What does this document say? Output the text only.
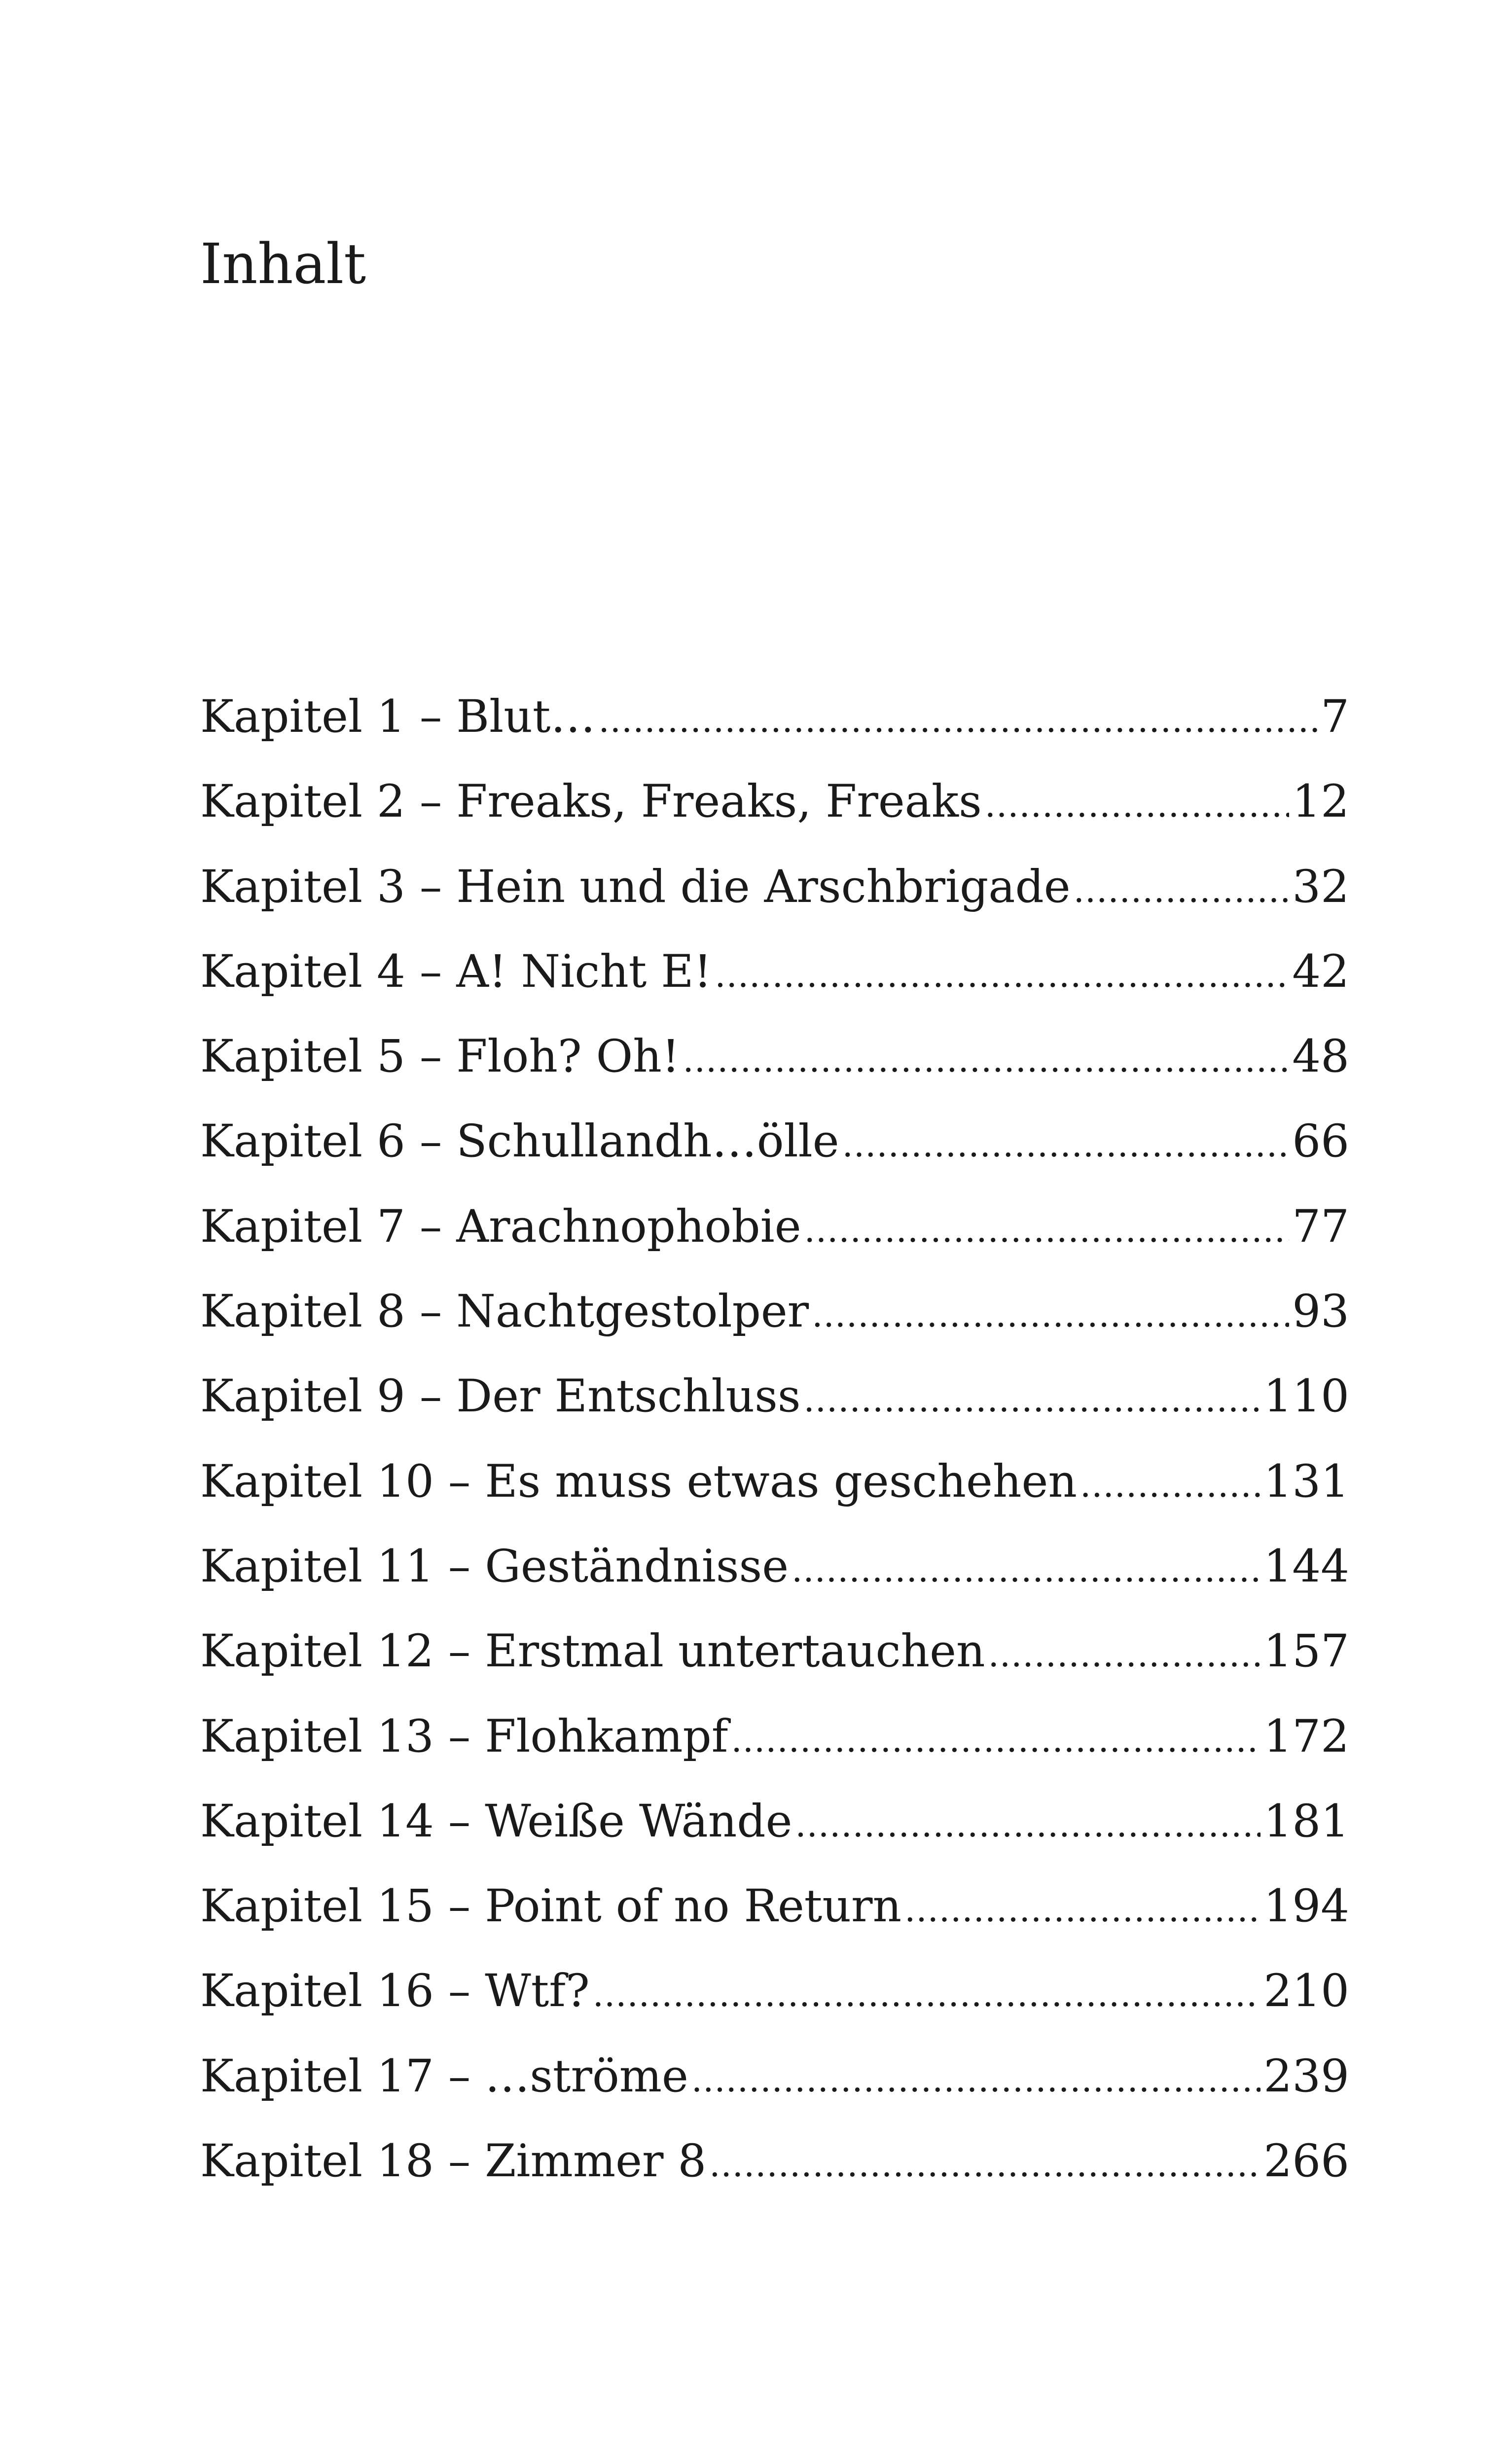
Inhalt
Kapitel 1 – Blut… .....	7
Kapitel 2 – Freaks, Freaks, Freaks .....	12
Kapitel 3 – Hein und die Arschbrigade .....	32
Kapitel 4 – A! Nicht E! .....	42
Kapitel 5 – Floh? Oh! .....	48
Kapitel 6 – Schullandh…ölle .....	66
Kapitel 7 – Arachnophobie .....	77
Kapitel 8 – Nachtgestolper .....	93
Kapitel 9 – Der Entschluss .....	110
Kapitel 10 – Es muss etwas geschehen .....	131
Kapitel 11 – Geständnisse .....	144
Kapitel 12 – Erstmal untertauchen .....	157
Kapitel 13 – Flohkampf .....	172
Kapitel 14 – Weiße Wände .....	181
Kapitel 15 – Point of no Return .....	194
Kapitel 16 – Wtf? .....	210
Kapitel 17 – …ströme .....	239
Kapitel 18 – Zimmer 8 .....	266
